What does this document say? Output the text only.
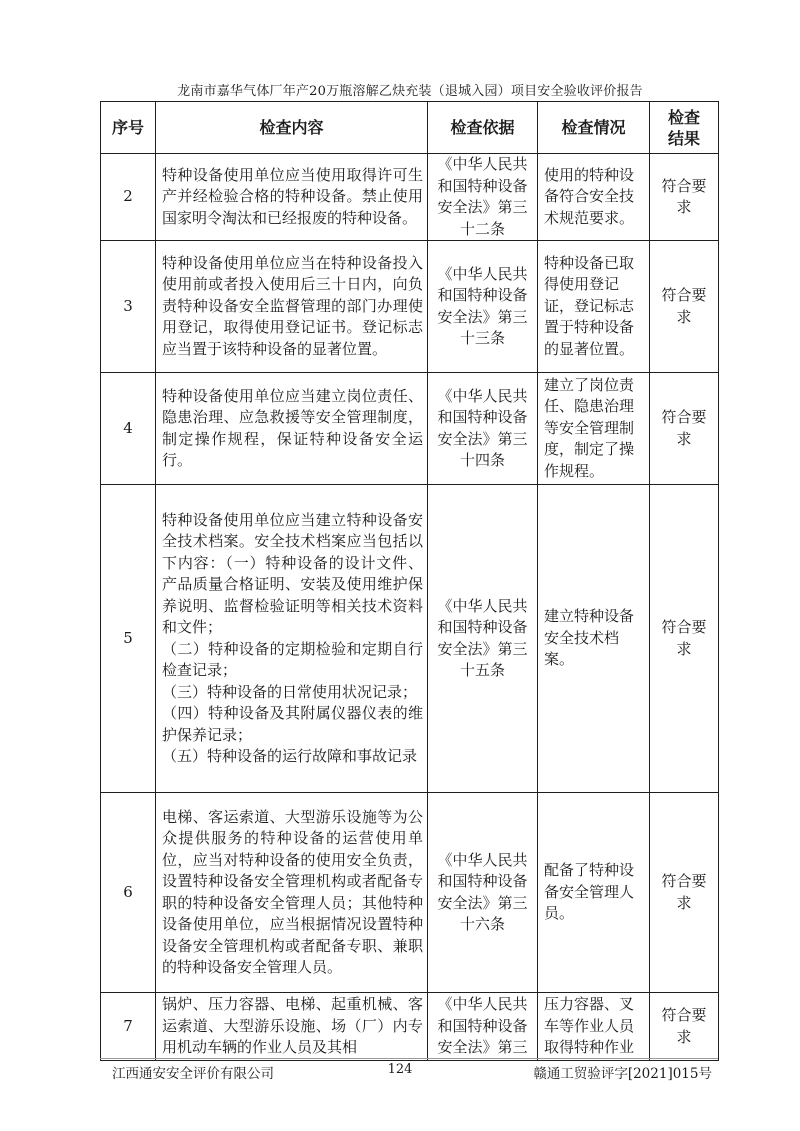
龙南市嘉华气体厂年产20万瓶溶解乙炔充装（退城入园）项目安全验收评价报告
序号	检查内容	检查依据	检查情况	检查结果
2	特种设备使用单位应当使用取得许可生产并经检验合格的特种设备。禁止使用国家明令淘汰和已经报废的特种设备。	《中华人民共和国特种设备安全法》第三十二条	使用的特种设备符合安全技术规范要求。	符合要求
3	特种设备使用单位应当在特种设备投入使用前或者投入使用后三十日内，向负责特种设备安全监督管理的部门办理使用登记，取得使用登记证书。登记标志应当置于该特种设备的显著位置。	《中华人民共和国特种设备安全法》第三十三条	特种设备已取得使用登记证，登记标志置于特种设备的显著位置。	符合要求
4	特种设备使用单位应当建立岗位责任、隐患治理、应急救援等安全管理制度，制定操作规程，保证特种设备安全运行。	《中华人民共和国特种设备安全法》第三十四条	建立了岗位责任、隐患治理等安全管理制度，制定了操作规程。	符合要求
5	特种设备使用单位应当建立特种设备安全技术档案。安全技术档案应当包括以下内容：（一）特种设备的设计文件、产品质量合格证明、安装及使用维护保养说明、监督检验证明等相关技术资料和文件；
（二）特种设备的定期检验和定期自行检查记录；
（三）特种设备的日常使用状况记录；
（四）特种设备及其附属仪器仪表的维护保养记录；
（五）特种设备的运行故障和事故记录	《中华人民共和国特种设备安全法》第三十五条	建立特种设备安全技术档案。	符合要求
6	电梯、客运索道、大型游乐设施等为公众提供服务的特种设备的运营使用单位，应当对特种设备的使用安全负责，设置特种设备安全管理机构或者配备专职的特种设备安全管理人员；其他特种设备使用单位，应当根据情况设置特种设备安全管理机构或者配备专职、兼职的特种设备安全管理人员。	《中华人民共和国特种设备安全法》第三十六条	配备了特种设备安全管理人员。	符合要求
7	锅炉、压力容器、电梯、起重机械、客运索道、大型游乐设施、场（厂）内专用机动车辆的作业人员及其相	《中华人民共和国特种设备安全法》第三	压力容器、叉车等作业人员取得特种作业	符合要求
江西通安安全评价有限公司	124	赣通工贸验评字[2021]015号
